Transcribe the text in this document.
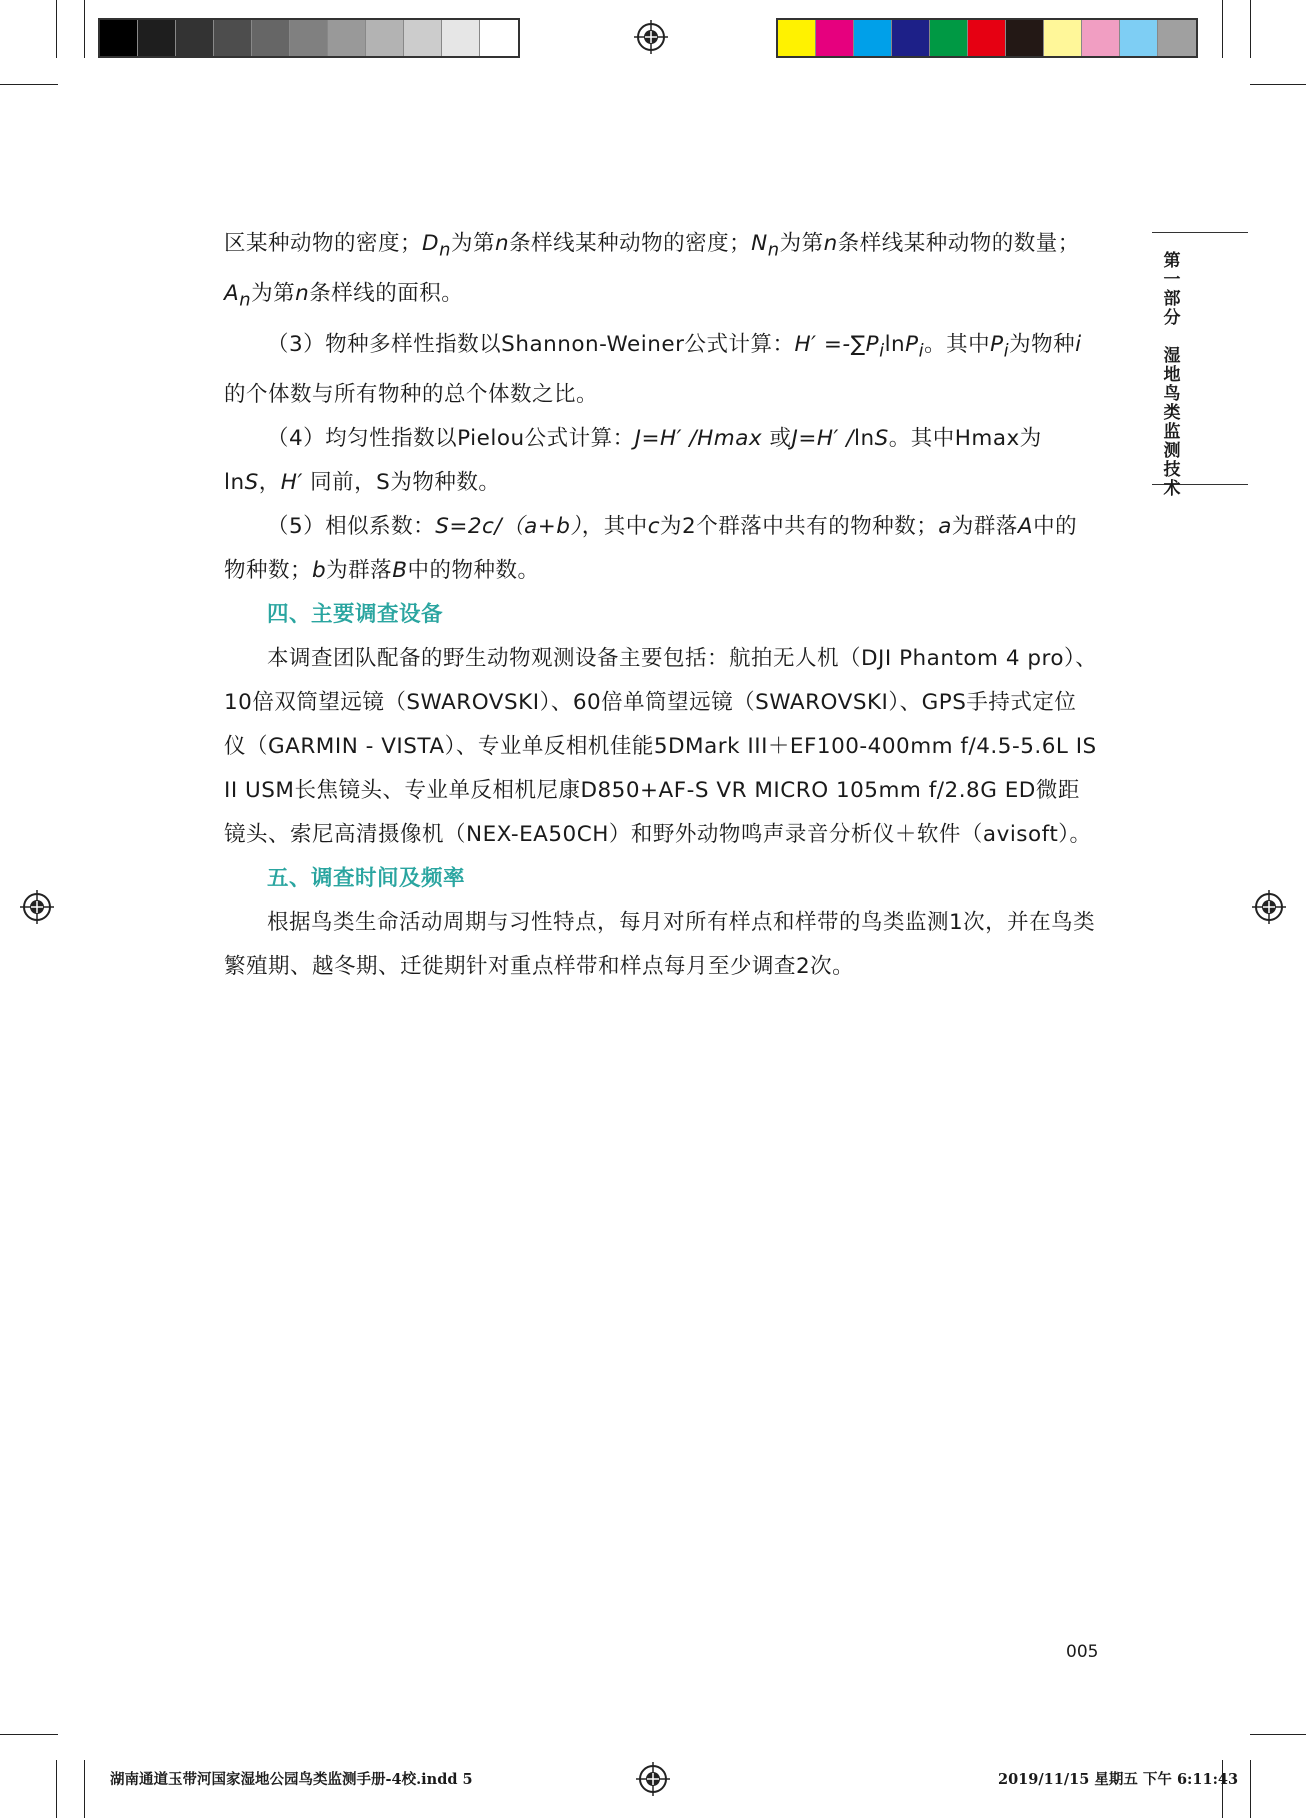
第
一
部
分

湿
地
鸟
类
监
测
技
术

区某种动物的密度；$D_n$为第n条样线某种动物的密度；$N_n$为第n条样线某种动物的数量；$A_n$为第n条样线的面积。

（3）物种多样性指数以Shannon-Weiner公式计算：$H' =-\sum P_i\ln P_i$。其中$P_i$为物种i的个体数与所有物种的总个体数之比。

（4）均匀性指数以Pielou公式计算：J=H′ /Hmax 或J=H′ /lnS。其中Hmax为lnS，H′ 同前，S为物种数。

（5）相似系数：S=2c/（a+b），其中c为2个群落中共有的物种数；a为群落A中的物种数；b为群落B中的物种数。

四、主要调查设备

本调查团队配备的野生动物观测设备主要包括：航拍无人机（DJI Phantom 4 pro）、10倍双筒望远镜（SWAROVSKI）、60倍单筒望远镜（SWAROVSKI）、GPS手持式定位仪（GARMIN - VISTA）、专业单反相机佳能5DMark III＋EF100-400mm f/4.5-5.6L IS II USM长焦镜头、专业单反相机尼康D850+AF-S VR MICRO 105mm f/2.8G ED微距镜头、索尼高清摄像机（NEX-EA50CH）和野外动物鸣声录音分析仪＋软件（avisoft）。

五、调查时间及频率

根据鸟类生命活动周期与习性特点，每月对所有样点和样带的鸟类监测1次，并在鸟类繁殖期、越冬期、迁徙期针对重点样带和样点每月至少调查2次。

005
湖南通道玉带河国家湿地公园鸟类监测手册-4校.indd 5	2019/11/15 星期五 下午 6:11:43
